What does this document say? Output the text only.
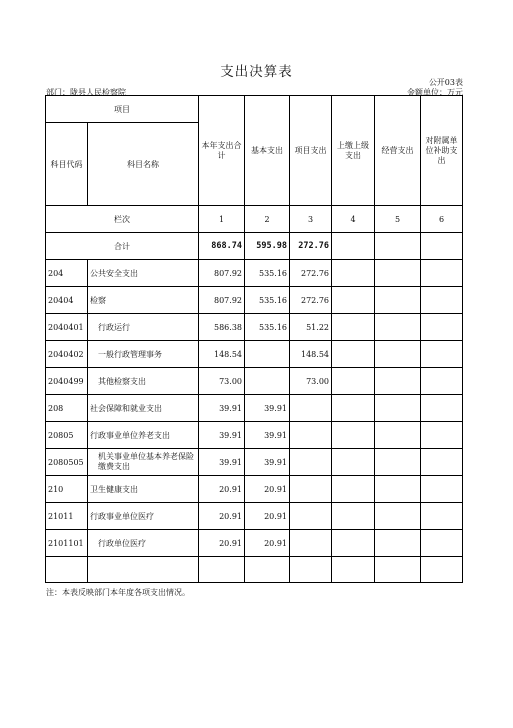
支出决算表
公开03表
部门：陇县人民检察院	金额单位：万元
项目		本年支出合计	基本支出	项目支出	上缴上级支出	经营支出	对附属单位补助支出
科目代码	科目名称						
栏次		1	2	3	4	5	6
合计		868.74	595.98	272.76			
204	公共安全支出	807.92	535.16	272.76			
20404	检察	807.92	535.16	272.76			
2040401	行政运行	586.38	535.16	51.22			
2040402	一般行政管理事务	148.54		148.54			
2040499	其他检察支出	73.00		73.00			
208	社会保障和就业支出	39.91	39.91				
20805	行政事业单位养老支出	39.91	39.91				
2080505	机关事业单位基本养老保险缴费支出	39.91	39.91				
210	卫生健康支出	20.91	20.91				
21011	行政事业单位医疗	20.91	20.91				
2101101	行政单位医疗	20.91	20.91				

注：本表反映部门本年度各项支出情况。
